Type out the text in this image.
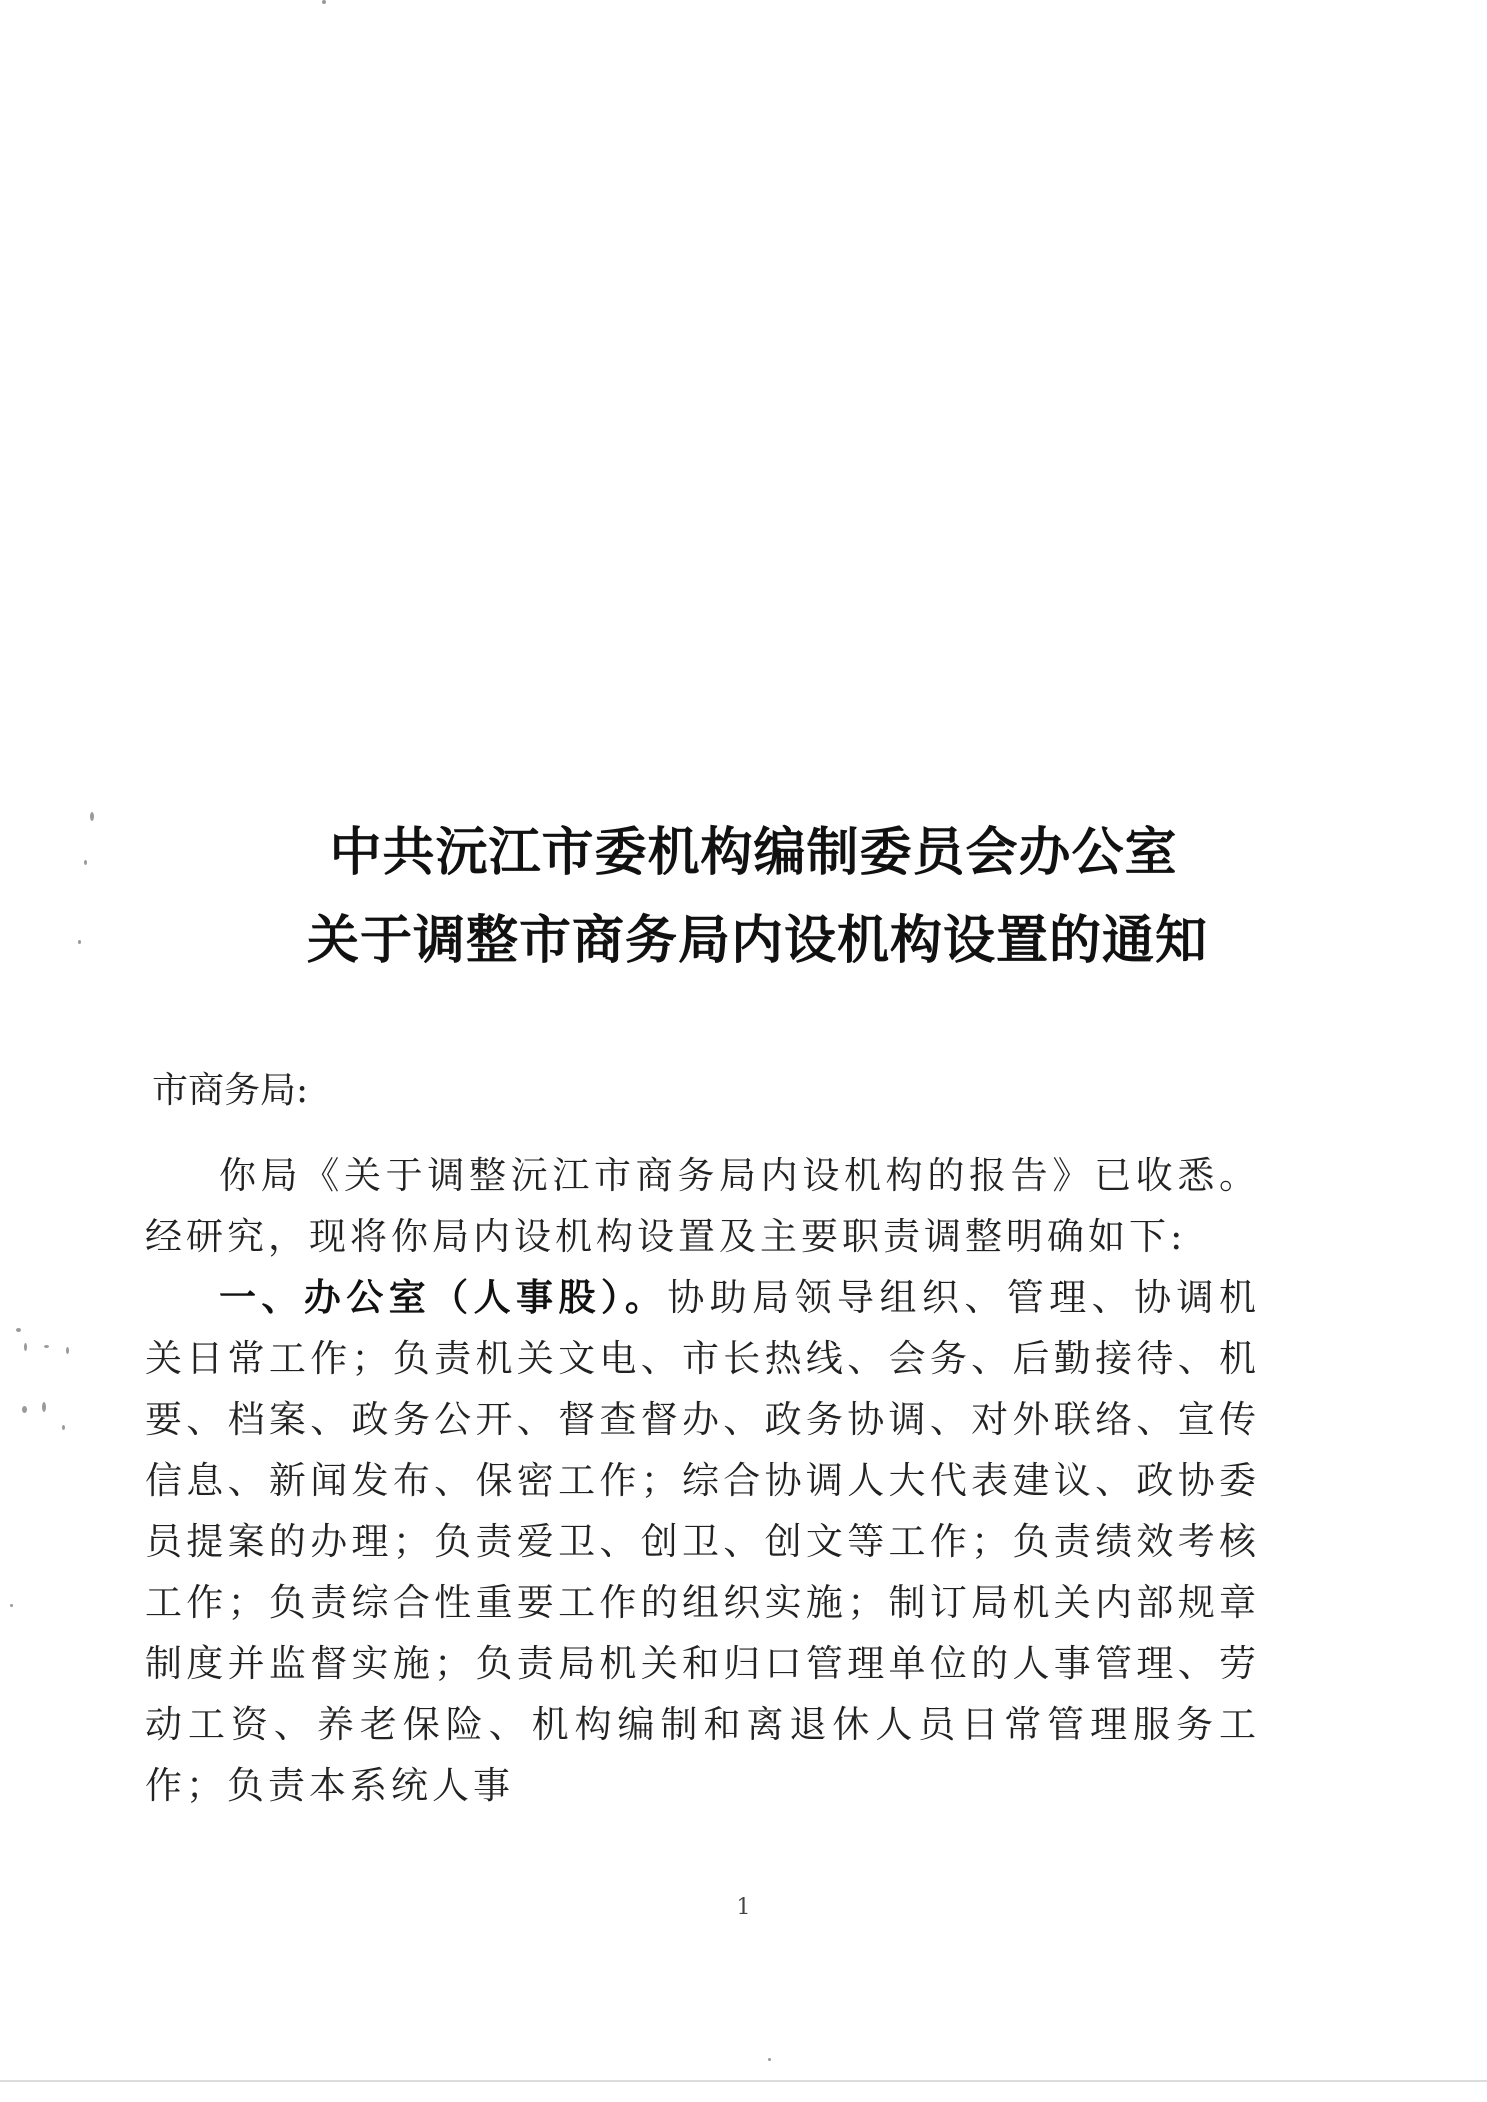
中共沅江市委机构编制委员会办公室
关于调整市商务局内设机构设置的通知
市商务局:

你局《关于调整沅江市商务局内设机构的报告》已收悉。经研究，现将你局内设机构设置及主要职责调整明确如下:

一、办公室（人事股）。协助局领导组织、管理、协调机关日常工作；负责机关文电、市长热线、会务、后勤接待、机要、档案、政务公开、督查督办、政务协调、对外联络、宣传信息、新闻发布、保密工作；综合协调人大代表建议、政协委员提案的办理；负责爱卫、创卫、创文等工作；负责绩效考核工作；负责综合性重要工作的组织实施；制订局机关内部规章制度并监督实施；负责局机关和归口管理单位的人事管理、劳动工资、养老保险、机构编制和离退休人员日常管理服务工作；负责本系统人事

1
